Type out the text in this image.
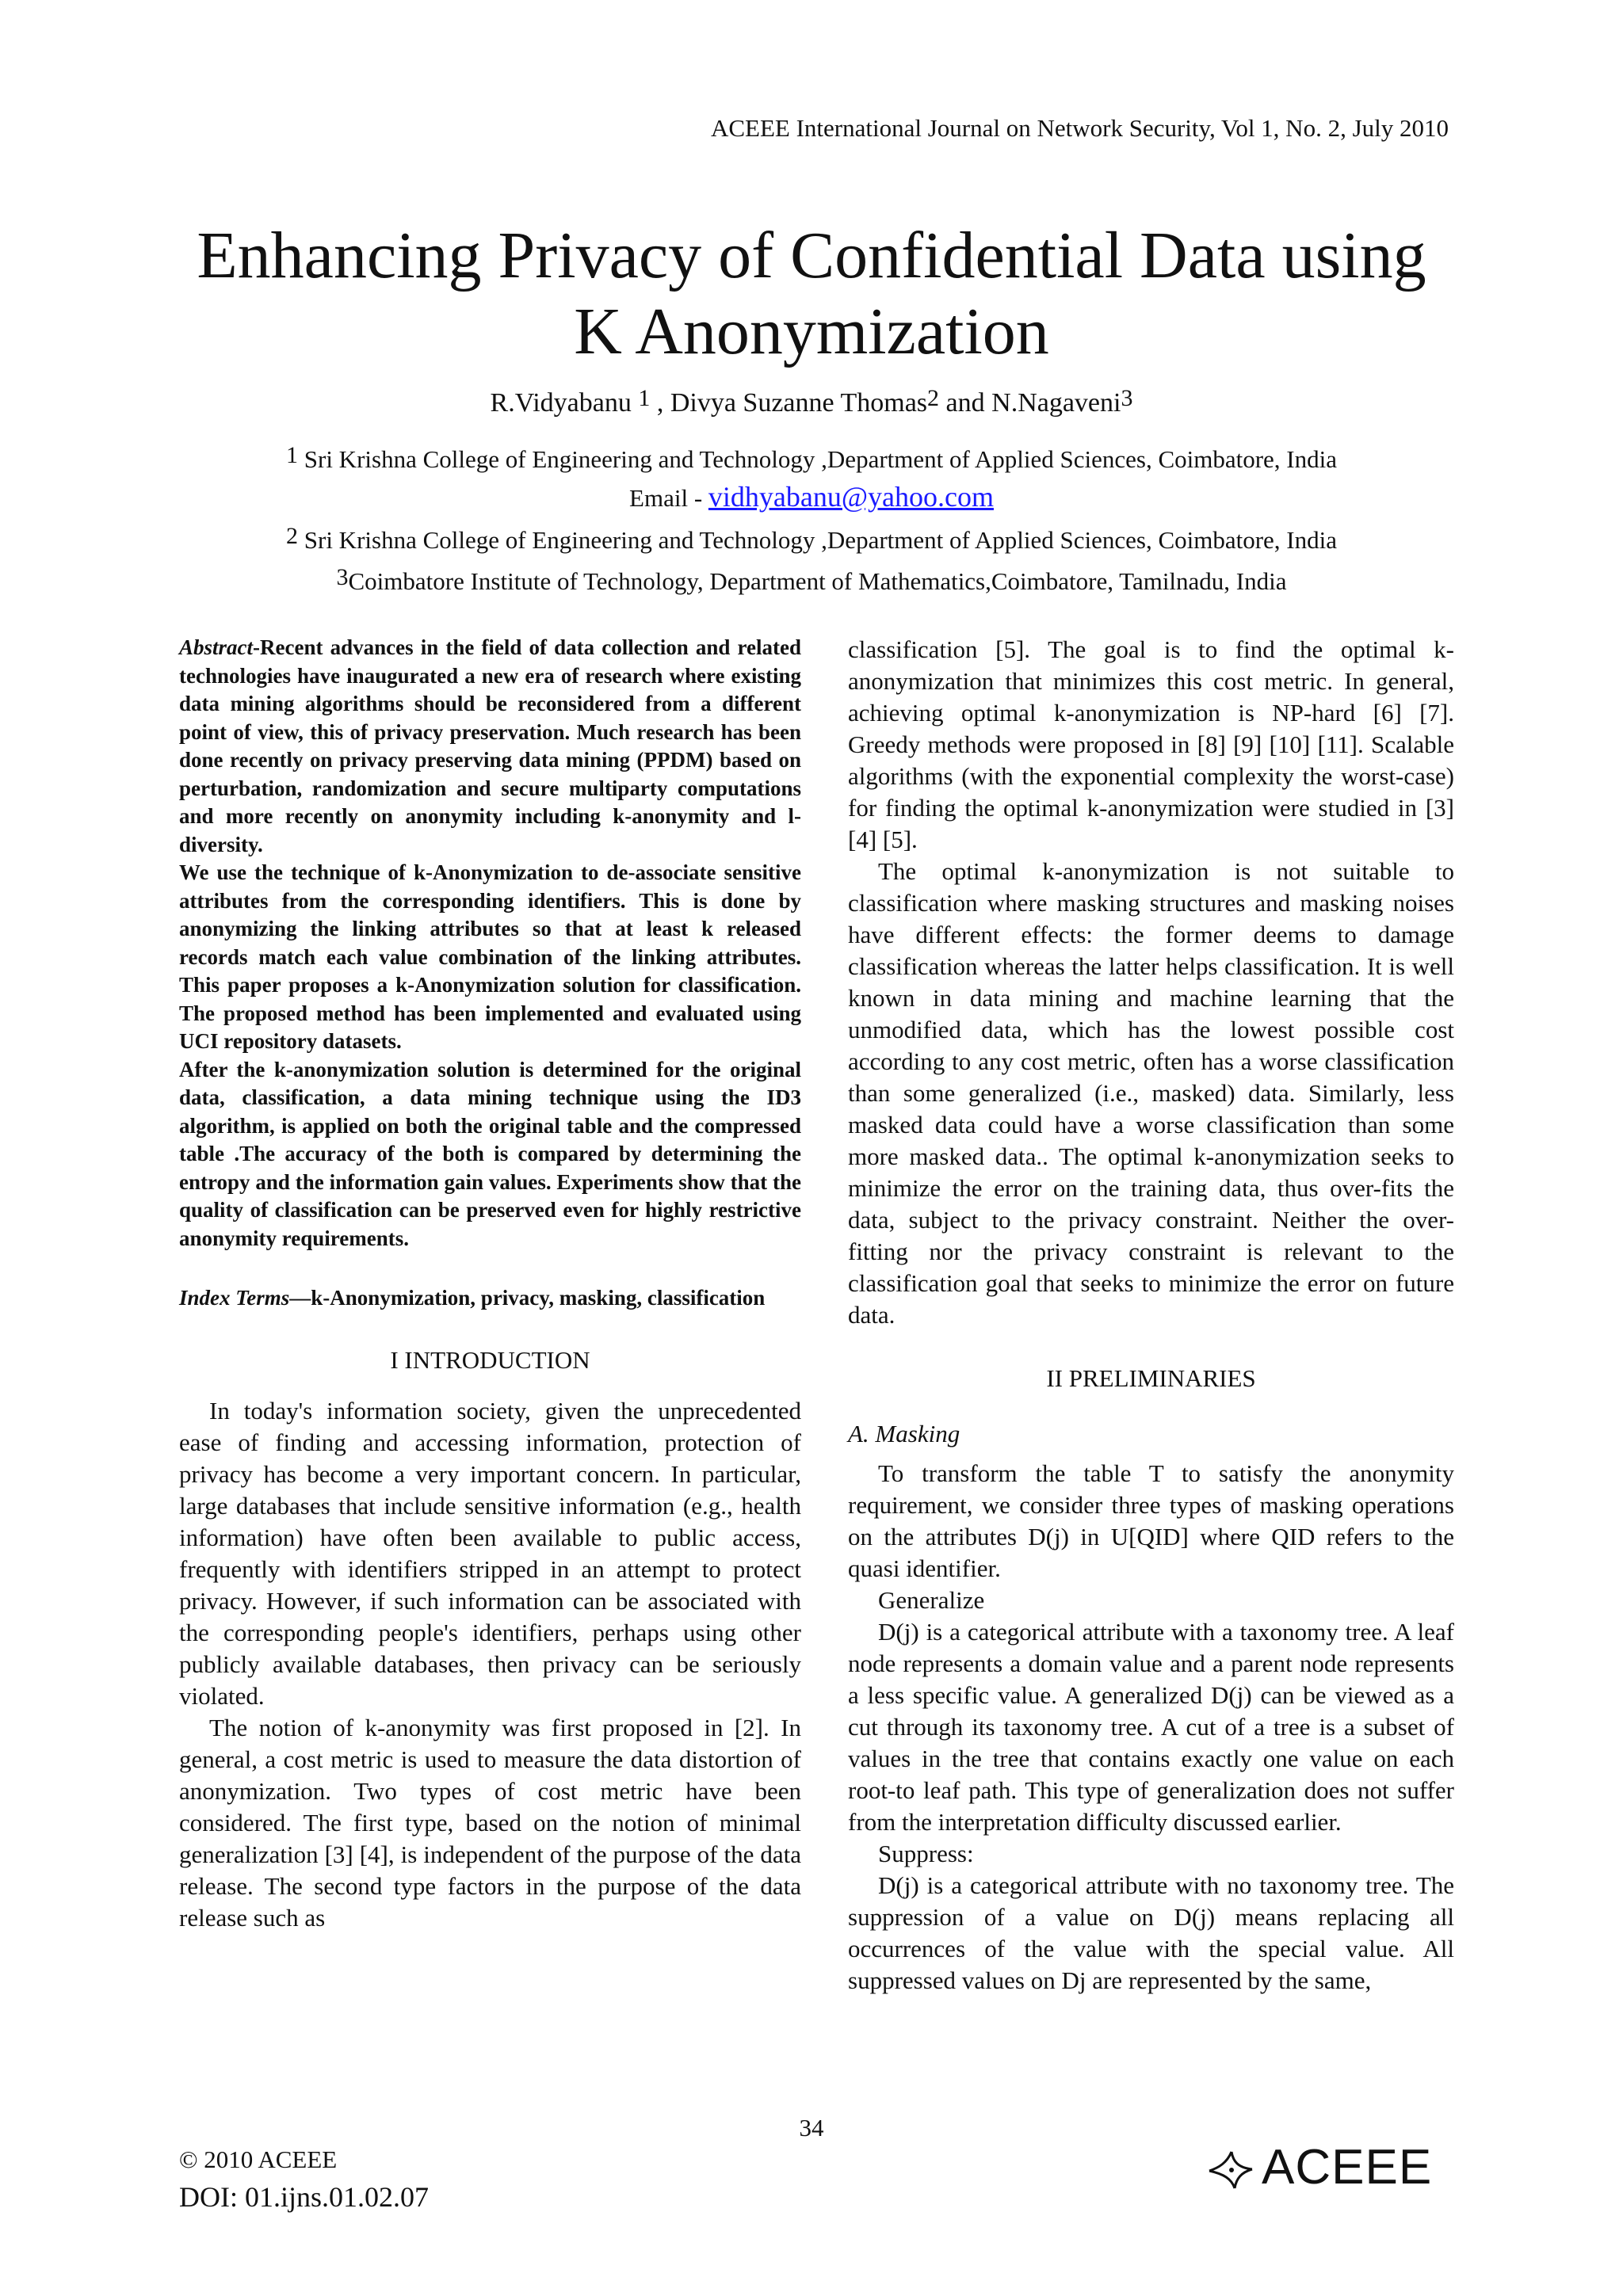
ACEEE International Journal on Network Security, Vol 1, No. 2, July 2010
Enhancing Privacy of Confidential Data using
K Anonymization
R.Vidyabanu $^1$ , Divya Suzanne Thomas$^2$ and N.Nagaveni$^3$
$^1$ Sri Krishna College of Engineering and Technology ,Department of Applied Sciences, Coimbatore, India
Email - vidhyabanu@yahoo.com
$^2$ Sri Krishna College of Engineering and Technology ,Department of Applied Sciences, Coimbatore, India
$^3$Coimbatore Institute of Technology, Department of Mathematics,Coimbatore, Tamilnadu, India

Abstract-Recent advances in the field of data collection and related technologies have inaugurated a new era of research where existing data mining algorithms should be reconsidered from a different point of view, this of privacy preservation. Much research has been done recently on privacy preserving data mining (PPDM) based on perturbation, randomization and secure multiparty computations and more recently on anonymity including k-anonymity and l-diversity.

We use the technique of k-Anonymization to de-associate sensitive attributes from the corresponding identifiers. This is done by anonymizing the linking attributes so that at least k released records match each value combination of the linking attributes. This paper proposes a k-Anonymization solution for classification. The proposed method has been implemented and evaluated using UCI repository datasets.

After the k-anonymization solution is determined for the original data, classification, a data mining technique using the ID3 algorithm, is applied on both the original table and the compressed table .The accuracy of the both is compared by determining the entropy and the information gain values. Experiments show that the quality of classification can be preserved even for highly restrictive anonymity requirements.

Index Terms—k-Anonymization, privacy, masking, classification
I INTRODUCTION

In today's information society, given the unprecedented ease of finding and accessing information, protection of privacy has become a very important concern. In particular, large databases that include sensitive information (e.g., health information) have often been available to public access, frequently with identifiers stripped in an attempt to protect privacy. However, if such information can be associated with the corresponding people's identifiers, perhaps using other publicly available databases, then privacy can be seriously violated.

The notion of k-anonymity was first proposed in [2]. In general, a cost metric is used to measure the data distortion of anonymization. Two types of cost metric have been considered. The first type, based on the notion of minimal generalization [3] [4], is independent of the purpose of the data release. The second type factors in the purpose of the data release such as

classification [5]. The goal is to find the optimal k-anonymization that minimizes this cost metric. In general, achieving optimal k-anonymization is NP-hard [6] [7]. Greedy methods were proposed in [8] [9] [10] [11]. Scalable algorithms (with the exponential complexity the worst-case) for finding the optimal k-anonymization were studied in [3] [4] [5].

The optimal k-anonymization is not suitable to classification where masking structures and masking noises have different effects: the former deems to damage classification whereas the latter helps classification. It is well known in data mining and machine learning that the unmodified data, which has the lowest possible cost according to any cost metric, often has a worse classification than some generalized (i.e., masked) data. Similarly, less masked data could have a worse classification than some more masked data.. The optimal k-anonymization seeks to minimize the error on the training data, thus over-fits the data, subject to the privacy constraint. Neither the over-fitting nor the privacy constraint is relevant to the classification goal that seeks to minimize the error on future data.

II PRELIMINARIES
A. Masking

To transform the table T to satisfy the anonymity requirement, we consider three types of masking operations on the attributes D(j) in U[QID] where QID refers to the quasi identifier.

Generalize

D(j) is a categorical attribute with a taxonomy tree. A leaf node represents a domain value and a parent node represents a less specific value. A generalized D(j) can be viewed as a cut through its taxonomy tree. A cut of a tree is a subset of values in the tree that contains exactly one value on each root-to leaf path. This type of generalization does not suffer from the interpretation difficulty discussed earlier.

Suppress:

D(j) is a categorical attribute with no taxonomy tree. The suppression of a value on D(j) means replacing all occurrences of the value with the special value. All suppressed values on Dj are represented by the same,

34
© 2010 ACEEE
DOI: 01.ijns.01.02.07
ACEEE
